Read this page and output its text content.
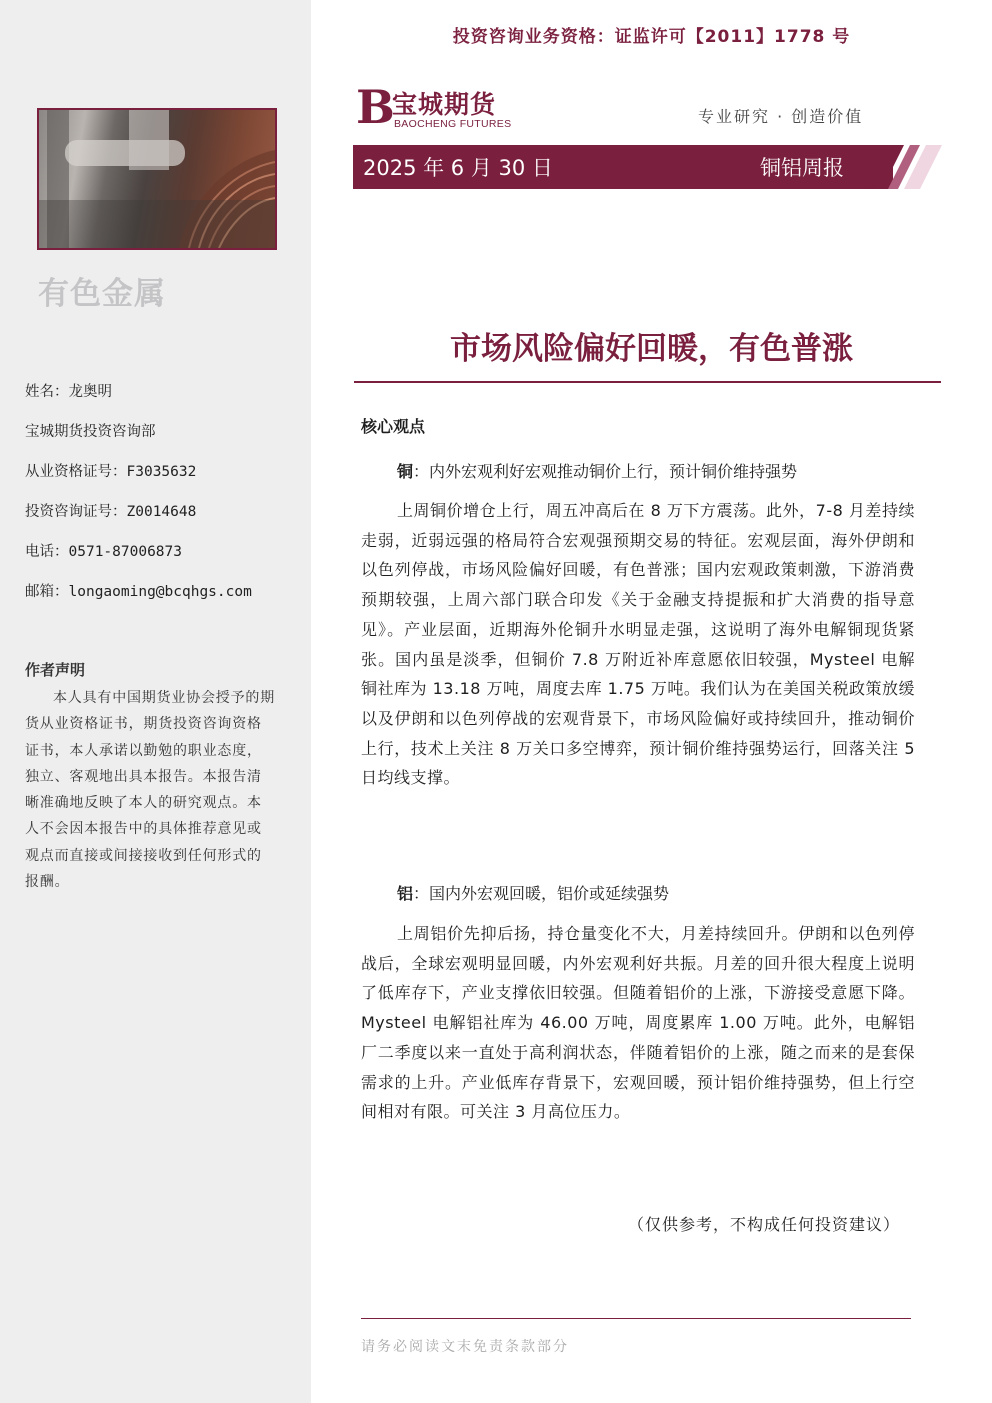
有色金属
姓名：龙奥明
宝城期货投资咨询部
从业资格证号：F3035632
投资咨询证号：Z0014648
电话：0571-87006873
邮箱：longaoming@bcqhgs.com
作者声明
本人具有中国期货业协会授予的期货从业资格证书，期货投资咨询资格证书，本人承诺以勤勉的职业态度，独立、客观地出具本报告。本报告清晰准确地反映了本人的研究观点。本人不会因本报告中的具体推荐意见或观点而直接或间接接收到任何形式的报酬。
投资咨询业务资格：证监许可【2011】1778 号
B
宝城期货
BAOCHENG FUTURES	专业研究 · 创造价值
2025 年 6 月 30 日	铜铝周报
市场风险偏好回暖，有色普涨
核心观点
铜：内外宏观利好宏观推动铜价上行，预计铜价维持强势
上周铜价增仓上行，周五冲高后在 8 万下方震荡。此外，7-8 月差持续走弱，近弱远强的格局符合宏观强预期交易的特征。宏观层面，海外伊朗和以色列停战，市场风险偏好回暖，有色普涨；国内宏观政策刺激，下游消费预期较强，上周六部门联合印发《关于金融支持提振和扩大消费的指导意见》。产业层面，近期海外伦铜升水明显走强，这说明了海外电解铜现货紧张。国内虽是淡季，但铜价 7.8 万附近补库意愿依旧较强，Mysteel 电解铜社库为 13.18 万吨，周度去库 1.75 万吨。我们认为在美国关税政策放缓以及伊朗和以色列停战的宏观背景下，市场风险偏好或持续回升，推动铜价上行，技术上关注 8 万关口多空博弈，预计铜价维持强势运行，回落关注 5 日均线支撑。
铝：国内外宏观回暖，铝价或延续强势
上周铝价先抑后扬，持仓量变化不大，月差持续回升。伊朗和以色列停战后，全球宏观明显回暖，内外宏观利好共振。月差的回升很大程度上说明了低库存下，产业支撑依旧较强。但随着铝价的上涨，下游接受意愿下降。Mysteel 电解铝社库为 46.00 万吨，周度累库 1.00 万吨。此外，电解铝厂二季度以来一直处于高利润状态，伴随着铝价的上涨，随之而来的是套保需求的上升。产业低库存背景下，宏观回暖，预计铝价维持强势，但上行空间相对有限。可关注 3 月高位压力。
（仅供参考，不构成任何投资建议）
请务必阅读文末免责条款部分
